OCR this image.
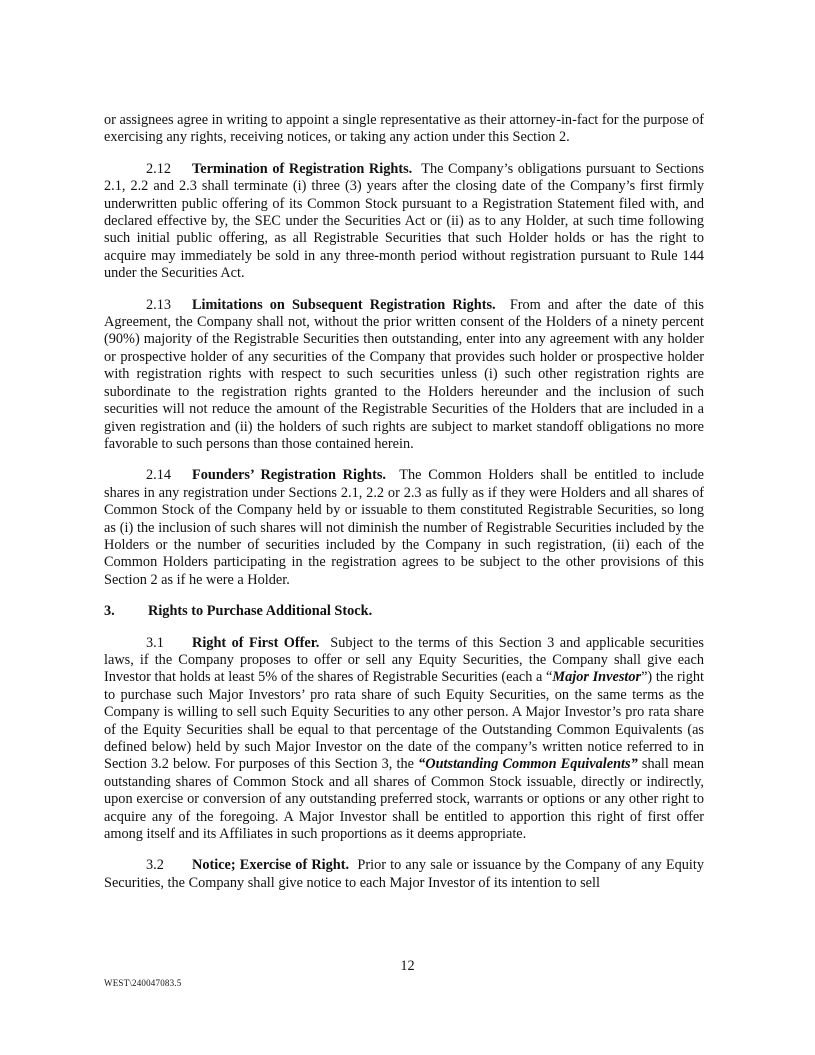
or assignees agree in writing to appoint a single representative as their attorney-in-fact for the purpose of exercising any rights, receiving notices, or taking any action under this Section 2.

2.12 Termination of Registration Rights. The Company’s obligations pursuant to Sections 2.1, 2.2 and 2.3 shall terminate (i) three (3) years after the closing date of the Company’s first firmly underwritten public offering of its Common Stock pursuant to a Registration Statement filed with, and declared effective by, the SEC under the Securities Act or (ii) as to any Holder, at such time following such initial public offering, as all Registrable Securities that such Holder holds or has the right to acquire may immediately be sold in any three-month period without registration pursuant to Rule 144 under the Securities Act.

2.13 Limitations on Subsequent Registration Rights. From and after the date of this Agreement, the Company shall not, without the prior written consent of the Holders of a ninety percent (90%) majority of the Registrable Securities then outstanding, enter into any agreement with any holder or prospective holder of any securities of the Company that provides such holder or prospective holder with registration rights with respect to such securities unless (i) such other registration rights are subordinate to the registration rights granted to the Holders hereunder and the inclusion of such securities will not reduce the amount of the Registrable Securities of the Holders that are included in a given registration and (ii) the holders of such rights are subject to market standoff obligations no more favorable to such persons than those contained herein.

2.14 Founders’ Registration Rights. The Common Holders shall be entitled to include shares in any registration under Sections 2.1, 2.2 or 2.3 as fully as if they were Holders and all shares of Common Stock of the Company held by or issuable to them constituted Registrable Securities, so long as (i) the inclusion of such shares will not diminish the number of Registrable Securities included by the Holders or the number of securities included by the Company in such registration, (ii) each of the Common Holders participating in the registration agrees to be subject to the other provisions of this Section 2 as if he were a Holder.

3. Rights to Purchase Additional Stock.

3.1 Right of First Offer. Subject to the terms of this Section 3 and applicable securities laws, if the Company proposes to offer or sell any Equity Securities, the Company shall give each Investor that holds at least 5% of the shares of Registrable Securities (each a “Major Investor”) the right to purchase such Major Investors’ pro rata share of such Equity Securities, on the same terms as the Company is willing to sell such Equity Securities to any other person. A Major Investor’s pro rata share of the Equity Securities shall be equal to that percentage of the Outstanding Common Equivalents (as defined below) held by such Major Investor on the date of the company’s written notice referred to in Section 3.2 below. For purposes of this Section 3, the “Outstanding Common Equivalents” shall mean outstanding shares of Common Stock and all shares of Common Stock issuable, directly or indirectly, upon exercise or conversion of any outstanding preferred stock, warrants or options or any other right to acquire any of the foregoing. A Major Investor shall be entitled to apportion this right of first offer among itself and its Affiliates in such proportions as it deems appropriate.

3.2 Notice; Exercise of Right. Prior to any sale or issuance by the Company of any Equity Securities, the Company shall give notice to each Major Investor of its intention to sell

12
WEST\240047083.5
